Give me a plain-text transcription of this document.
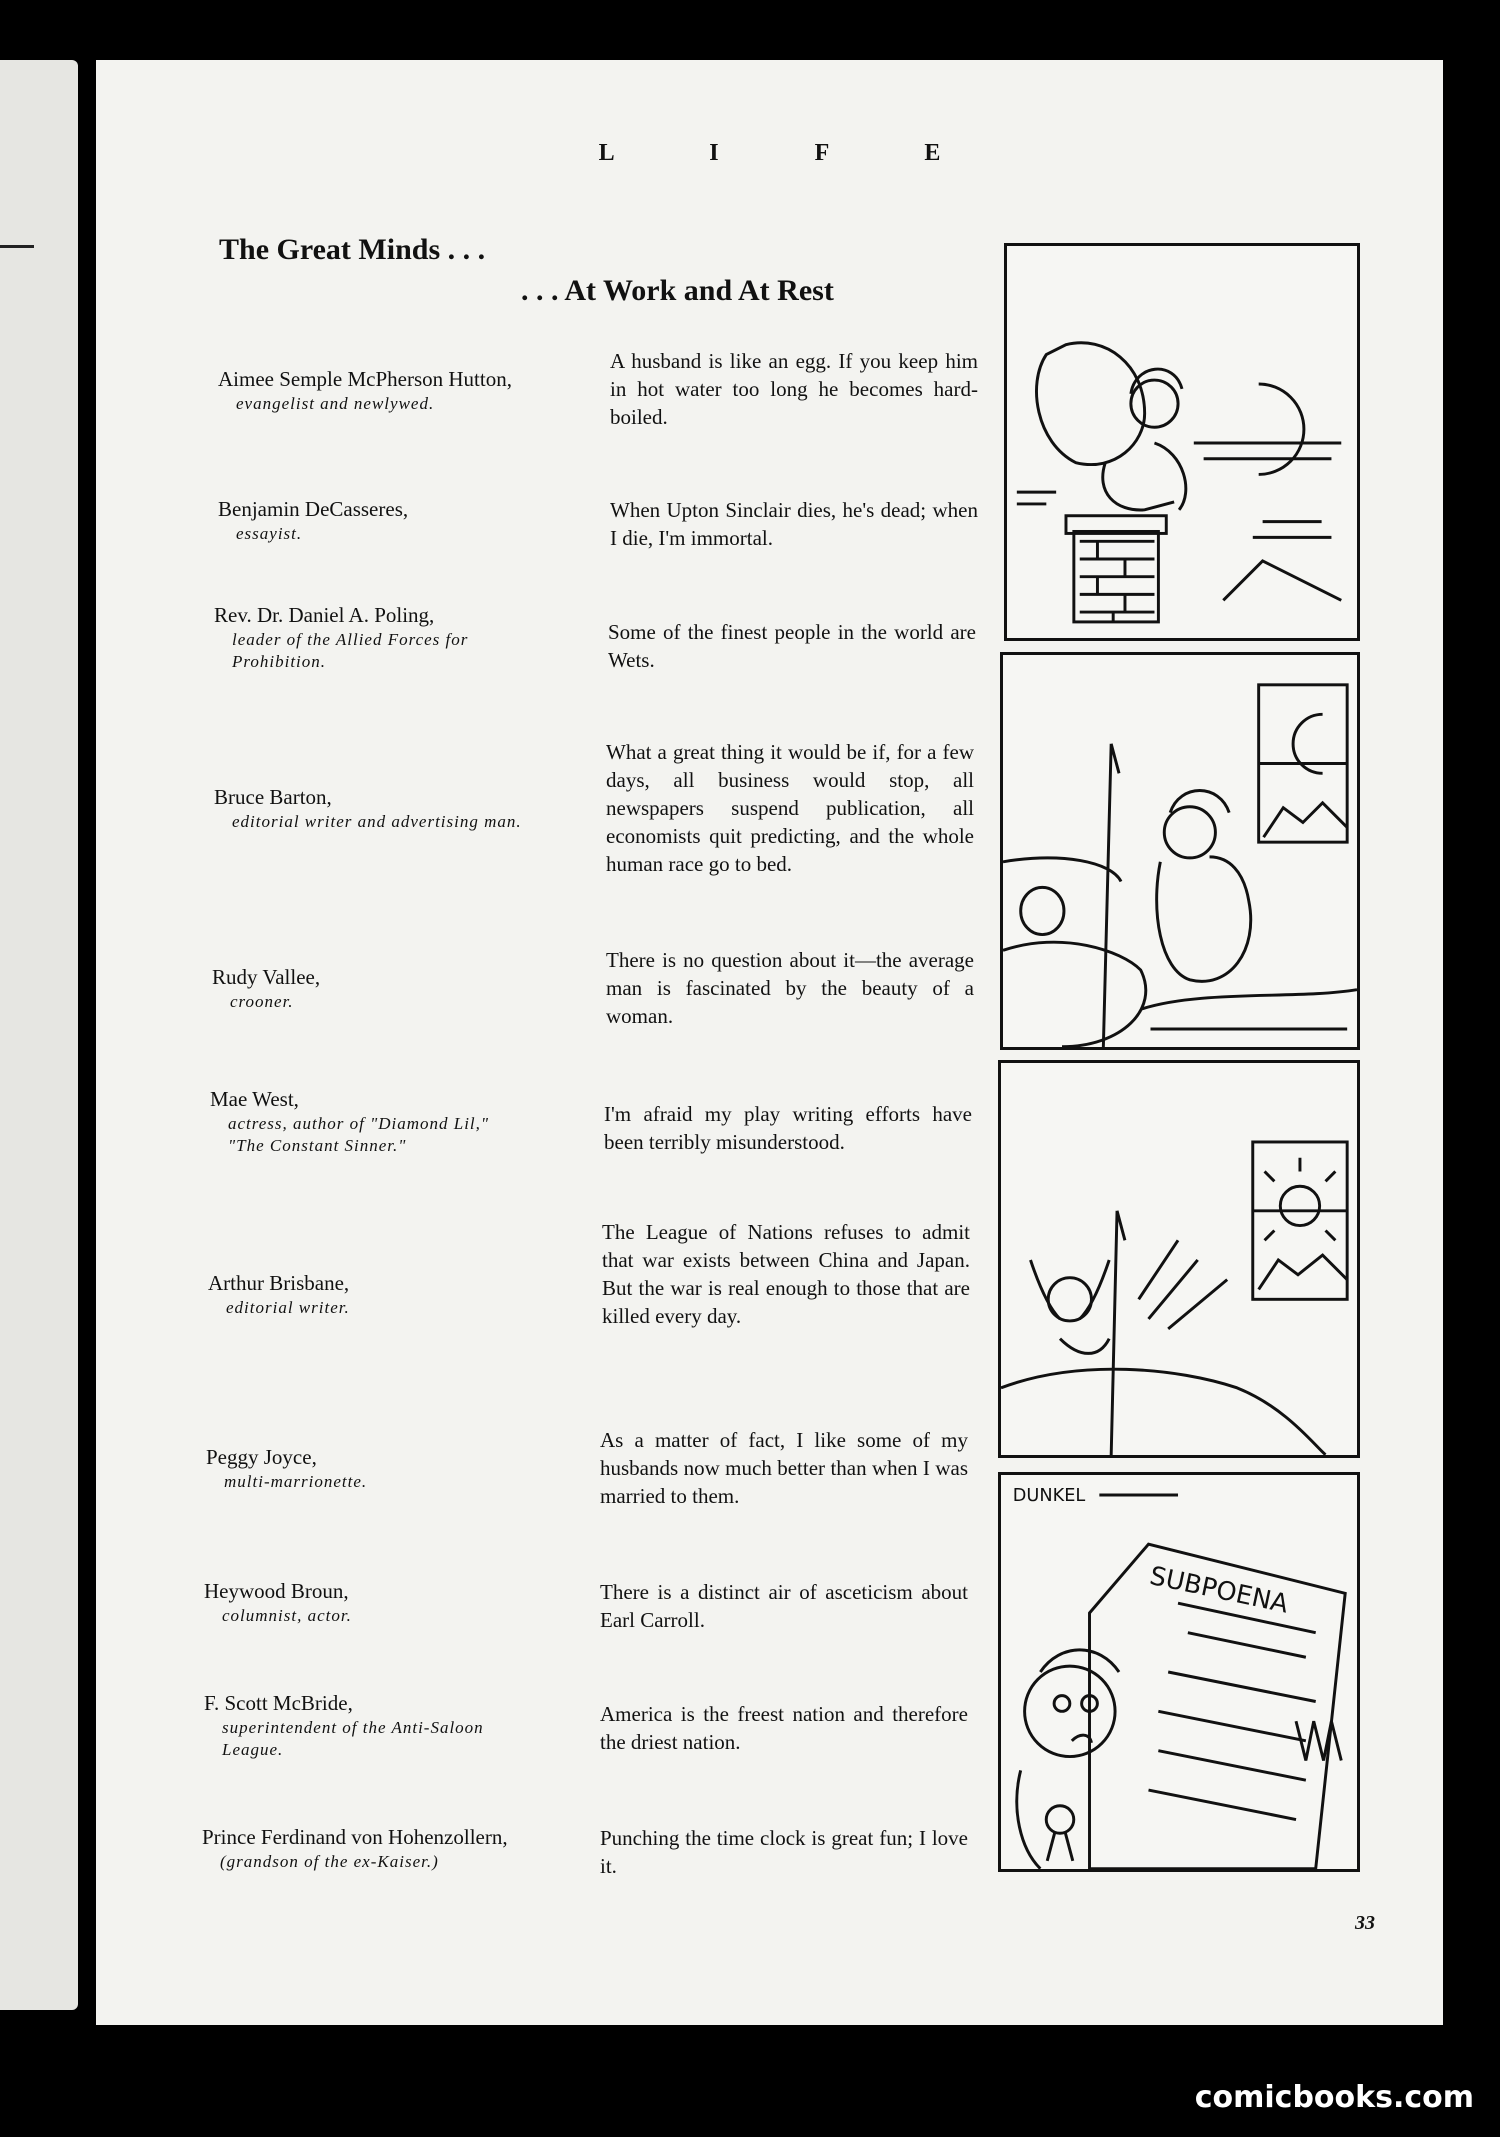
L I F E
The Great Minds . . .
. . . At Work and At Rest
Aimee Semple McPherson Hutton,
evangelist and newlywed.
A husband is like an egg. If you keep him in hot water too long he becomes hard-boiled.
Benjamin DeCasseres,
essayist.
When Upton Sinclair dies, he's dead; when I die, I'm immortal.
Rev. Dr. Daniel A. Poling,
leader of the Allied Forces for Prohibition.
Some of the finest people in the world are Wets.
Bruce Barton,
editorial writer and advertising man.
What a great thing it would be if, for a few days, all business would stop, all newspapers suspend publication, all economists quit predicting, and the whole human race go to bed.
Rudy Vallee,
crooner.
There is no question about it—the average man is fascinated by the beauty of a woman.
Mae West,
actress, author of "Diamond Lil," "The Constant Sinner."
I'm afraid my play writing efforts have been terribly misunderstood.
Arthur Brisbane,
editorial writer.
The League of Nations refuses to admit that war exists between China and Japan. But the war is real enough to those that are killed every day.
Peggy Joyce,
multi-marrionette.
As a matter of fact, I like some of my husbands now much better than when I was married to them.
Heywood Broun,
columnist, actor.
There is a distinct air of asceticism about Earl Carroll.
F. Scott McBride,
superintendent of the Anti-Saloon League.
America is the freest nation and therefore the driest nation.
Prince Ferdinand von Hohenzollern,
(grandson of the ex-Kaiser.)
Punching the time clock is great fun; I love it.
DUNKEL
SUBPOENA
33
comicbooks.com
